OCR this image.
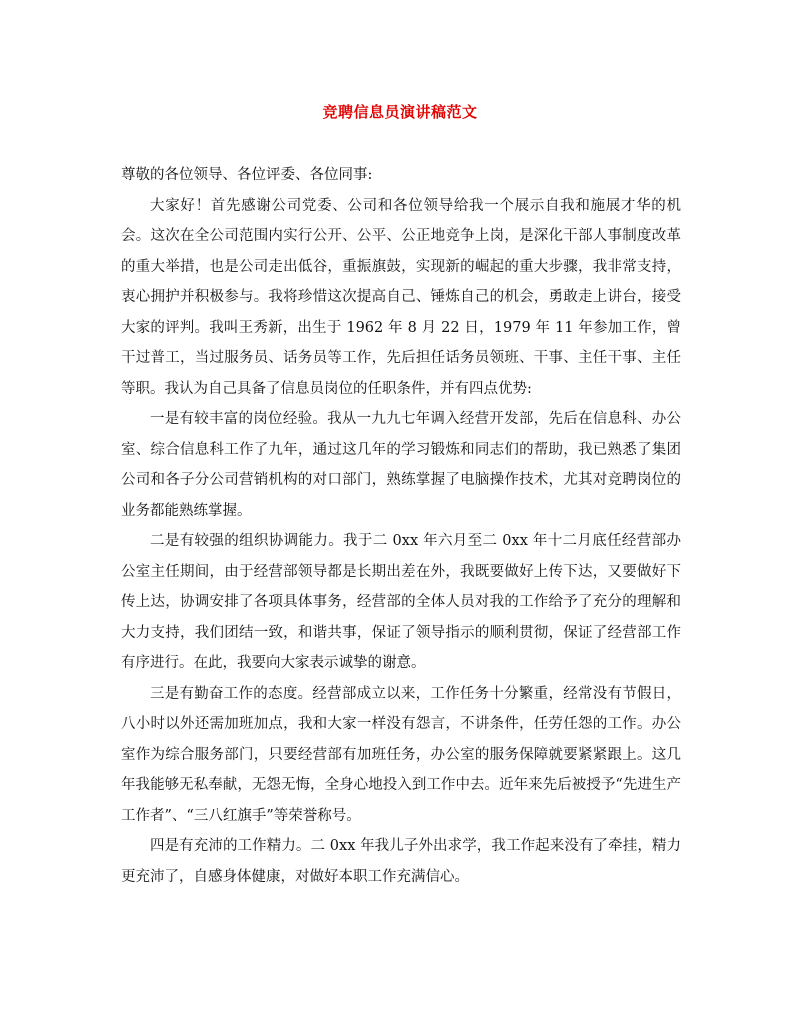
竞聘信息员演讲稿范文

尊敬的各位领导、各位评委、各位同事:

大家好！首先感谢公司党委、公司和各位领导给我一个展示自我和施展才华的机会。这次在全公司范围内实行公开、公平、公正地竞争上岗，是深化干部人事制度改革的重大举措，也是公司走出低谷，重振旗鼓，实现新的崛起的重大步骤，我非常支持，衷心拥护并积极参与。我将珍惜这次提高自己、锤炼自己的机会，勇敢走上讲台，接受大家的评判。我叫王秀新，出生于 1962 年 8 月 22 日，1979 年 11 年参加工作，曾干过普工，当过服务员、话务员等工作，先后担任话务员领班、干事、主任干事、主任等职。我认为自己具备了信息员岗位的任职条件，并有四点优势:

一是有较丰富的岗位经验。我从一九九七年调入经营开发部，先后在信息科、办公室、综合信息科工作了九年，通过这几年的学习锻炼和同志们的帮助，我已熟悉了集团公司和各子分公司营销机构的对口部门，熟练掌握了电脑操作技术，尤其对竞聘岗位的业务都能熟练掌握。

二是有较强的组织协调能力。我于二 0xx 年六月至二 0xx 年十二月底任经营部办公室主任期间，由于经营部领导都是长期出差在外，我既要做好上传下达，又要做好下传上达，协调安排了各项具体事务，经营部的全体人员对我的工作给予了充分的理解和大力支持，我们团结一致，和谐共事，保证了领导指示的顺利贯彻，保证了经营部工作有序进行。在此，我要向大家表示诚挚的谢意。

三是有勤奋工作的态度。经营部成立以来，工作任务十分繁重，经常没有节假日，八小时以外还需加班加点，我和大家一样没有怨言，不讲条件，任劳任怨的工作。办公室作为综合服务部门，只要经营部有加班任务，办公室的服务保障就要紧紧跟上。这几年我能够无私奉献，无怨无悔，全身心地投入到工作中去。近年来先后被授予“先进生产工作者”、“三八红旗手”等荣誉称号。

四是有充沛的工作精力。二 0xx 年我儿子外出求学，我工作起来没有了牵挂，精力更充沛了，自感身体健康，对做好本职工作充满信心。
